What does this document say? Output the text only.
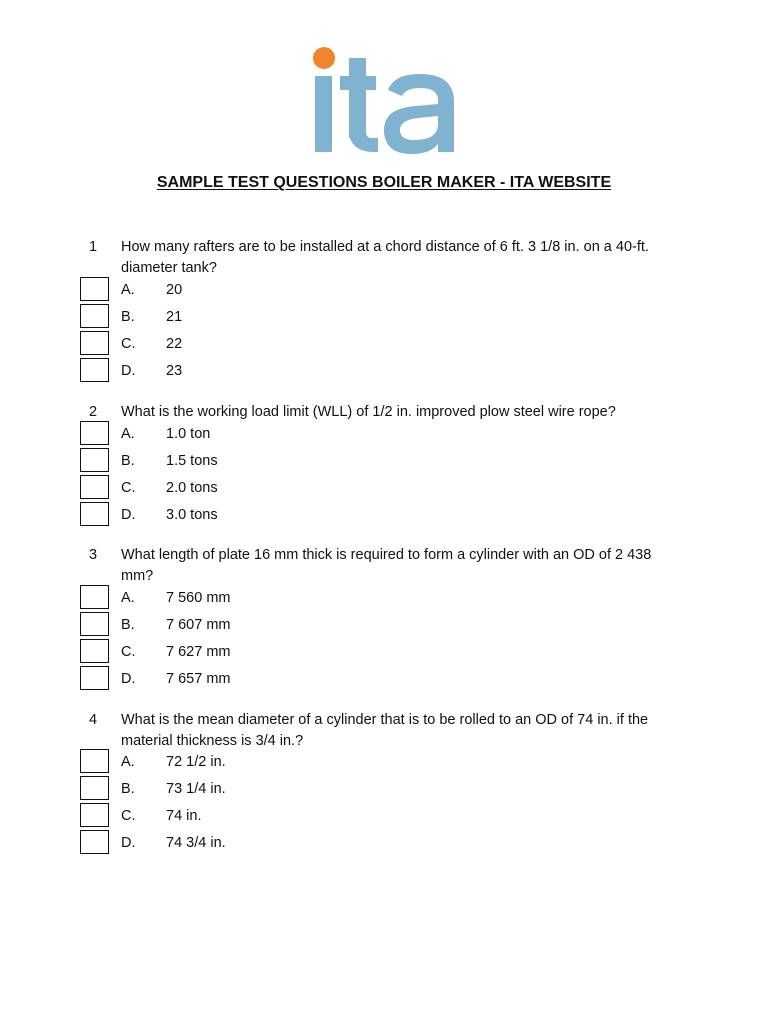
SAMPLE TEST QUESTIONS BOILER MAKER - ITA WEBSITE
1 How many rafters are to be installed at a chord distance of 6 ft. 3 1/8 in. on a 40-ft. diameter tank?
A. 20
B. 21
C. 22
D. 23
2 What is the working load limit (WLL) of 1/2 in. improved plow steel wire rope?
A. 1.0 ton
B. 1.5 tons
C. 2.0 tons
D. 3.0 tons
3 What length of plate 16 mm thick is required to form a cylinder with an OD of 2 438 mm?
A. 7 560 mm
B. 7 607 mm
C. 7 627 mm
D. 7 657 mm
4 What is the mean diameter of a cylinder that is to be rolled to an OD of 74 in. if the material thickness is 3/4 in.?
A. 72 1/2 in.
B. 73 1/4 in.
C. 74 in.
D. 74 3/4 in.
